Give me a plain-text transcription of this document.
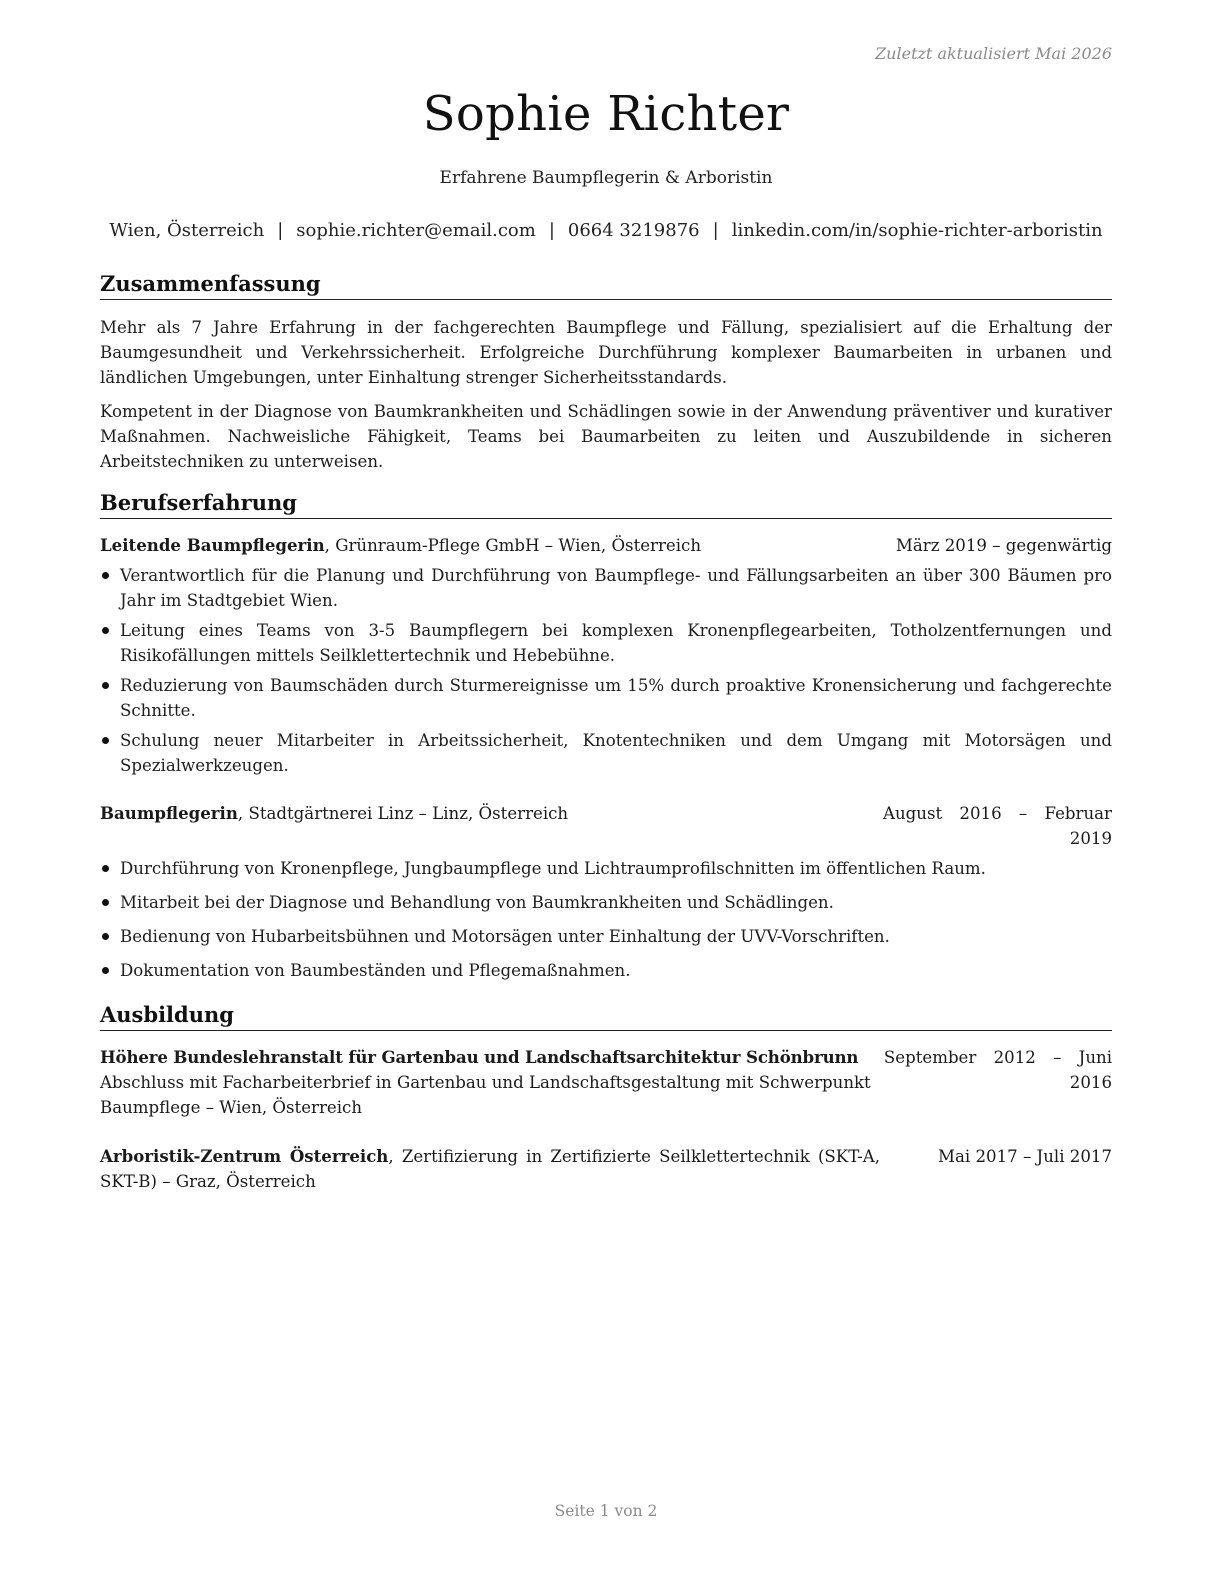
Zuletzt aktualisiert Mai 2026
Sophie Richter
Erfahrene Baumpflegerin & Arboristin
Wien, Österreich | sophie.richter@email.com | 0664 3219876 | linkedin.com/in/sophie-richter-arboristin
Zusammenfassung
Mehr als 7 Jahre Erfahrung in der fachgerechten Baumpflege und Fällung, spezialisiert auf die Erhaltung der Baumgesundheit und Verkehrssicherheit. Erfolgreiche Durchführung komplexer Baumarbeiten in urbanen und ländlichen Umgebungen, unter Einhaltung strenger Sicherheitsstandards.
Kompetent in der Diagnose von Baumkrankheiten und Schädlingen sowie in der Anwendung präventiver und kurativer Maßnahmen. Nachweisliche Fähigkeit, Teams bei Baumarbeiten zu leiten und Auszubildende in sicheren Arbeitstechniken zu unterweisen.
Berufserfahrung
Leitende Baumpflegerin, Grünraum-Pflege GmbH – Wien, Österreich	März 2019 – gegenwärtig
Verantwortlich für die Planung und Durchführung von Baumpflege- und Fällungsarbeiten an über 300 Bäumen pro Jahr im Stadtgebiet Wien.
Leitung eines Teams von 3-5 Baumpflegern bei komplexen Kronenpflegearbeiten, Totholzentfernungen und Risikofällungen mittels Seilklettertechnik und Hebebühne.
Reduzierung von Baumschäden durch Sturmereignisse um 15% durch proaktive Kronensicherung und fachgerechte Schnitte.
Schulung neuer Mitarbeiter in Arbeitssicherheit, Knotentechniken und dem Umgang mit Motorsägen und Spezialwerkzeugen.
Baumpflegerin, Stadtgärtnerei Linz – Linz, Österreich	August 2016 – Februar
2019
Durchführung von Kronenpflege, Jungbaumpflege und Lichtraumprofilschnitten im öffentlichen Raum.
Mitarbeit bei der Diagnose und Behandlung von Baumkrankheiten und Schädlingen.
Bedienung von Hubarbeitsbühnen und Motorsägen unter Einhaltung der UVV-Vorschriften.
Dokumentation von Baumbeständen und Pflegemaßnahmen.
Ausbildung
Höhere Bundeslehranstalt für Gartenbau und Landschaftsarchitektur Schönbrunn
Abschluss mit Facharbeiterbrief in Gartenbau und Landschaftsgestaltung mit Schwerpunkt
Baumpflege – Wien, Österreich
September 2012 – Juni
2016
Arboristik-Zentrum Österreich, Zertifizierung in Zertifizierte Seilklettertechnik (SKT-A, SKT-B) – Graz, Österreich
Mai 2017 – Juli 2017
Seite 1 von 2
